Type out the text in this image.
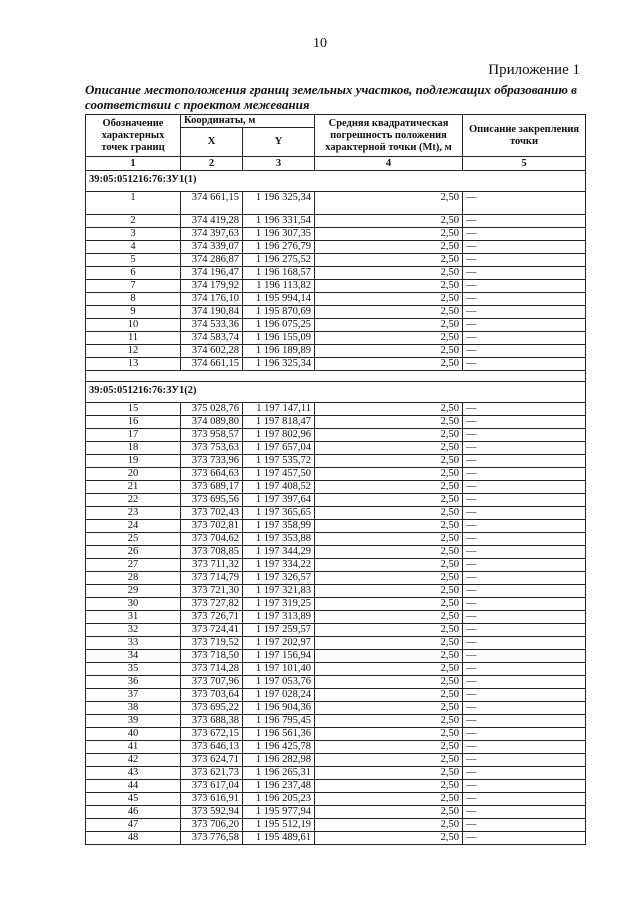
10
Приложение 1
Описание местоположения границ земельных участков, подлежащих образованию в соответствии с проектом межевания
Обозначение характерных точек границ	Координаты, м		Средняя квадратическая погрешность положения характерной точки (Mt), м	Описание закрепления точки
	X	Y		
1	2	3	4	5
39:05:051216:76:ЗУ1(1)				
1	374 661,15	1 196 325,34	2,50	—
2	374 419,28	1 196 331,54	2,50	—
3	374 397,63	1 196 307,35	2,50	—
4	374 339,07	1 196 276,79	2,50	—
5	374 286,87	1 196 275,52	2,50	—
6	374 196,47	1 196 168,57	2,50	—
7	374 179,92	1 196 113,82	2,50	—
8	374 176,10	1 195 994,14	2,50	—
9	374 190,84	1 195 870,69	2,50	—
10	374 533,36	1 196 075,25	2,50	—
11	374 583,74	1 196 155,09	2,50	—
12	374 602,28	1 196 189,89	2,50	—
13	374 661,15	1 196 325,34	2,50	—

39:05:051216:76:ЗУ1(2)				
15	375 028,76	1 197 147,11	2,50	—
16	374 089,80	1 197 818,47	2,50	—
17	373 958,57	1 197 802,96	2,50	—
18	373 753,63	1 197 657,04	2,50	—
19	373 733,96	1 197 535,72	2,50	—
20	373 664,63	1 197 457,50	2,50	—
21	373 689,17	1 197 408,52	2,50	—
22	373 695,56	1 197 397,64	2,50	—
23	373 702,43	1 197 365,65	2,50	—
24	373 702,81	1 197 358,99	2,50	—
25	373 704,62	1 197 353,88	2,50	—
26	373 708,85	1 197 344,29	2,50	—
27	373 711,32	1 197 334,22	2,50	—
28	373 714,79	1 197 326,57	2,50	—
29	373 721,30	1 197 321,83	2,50	—
30	373 727,82	1 197 319,25	2,50	—
31	373 726,71	1 197 313,89	2,50	—
32	373 724,41	1 197 259,57	2,50	—
33	373 719,52	1 197 202,97	2,50	—
34	373 718,50	1 197 156,94	2,50	—
35	373 714,28	1 197 101,40	2,50	—
36	373 707,96	1 197 053,76	2,50	—
37	373 703,64	1 197 028,24	2,50	—
38	373 695,22	1 196 904,36	2,50	—
39	373 688,38	1 196 795,45	2,50	—
40	373 672,15	1 196 561,36	2,50	—
41	373 646,13	1 196 425,78	2,50	—
42	373 624,71	1 196 282,98	2,50	—
43	373 621,73	1 196 265,31	2,50	—
44	373 617,04	1 196 237,48	2,50	—
45	373 616,91	1 196 205,23	2,50	—
46	373 592,94	1 195 977,94	2,50	—
47	373 706,20	1 195 512,19	2,50	—
48	373 776,58	1 195 489,61	2,50	—
